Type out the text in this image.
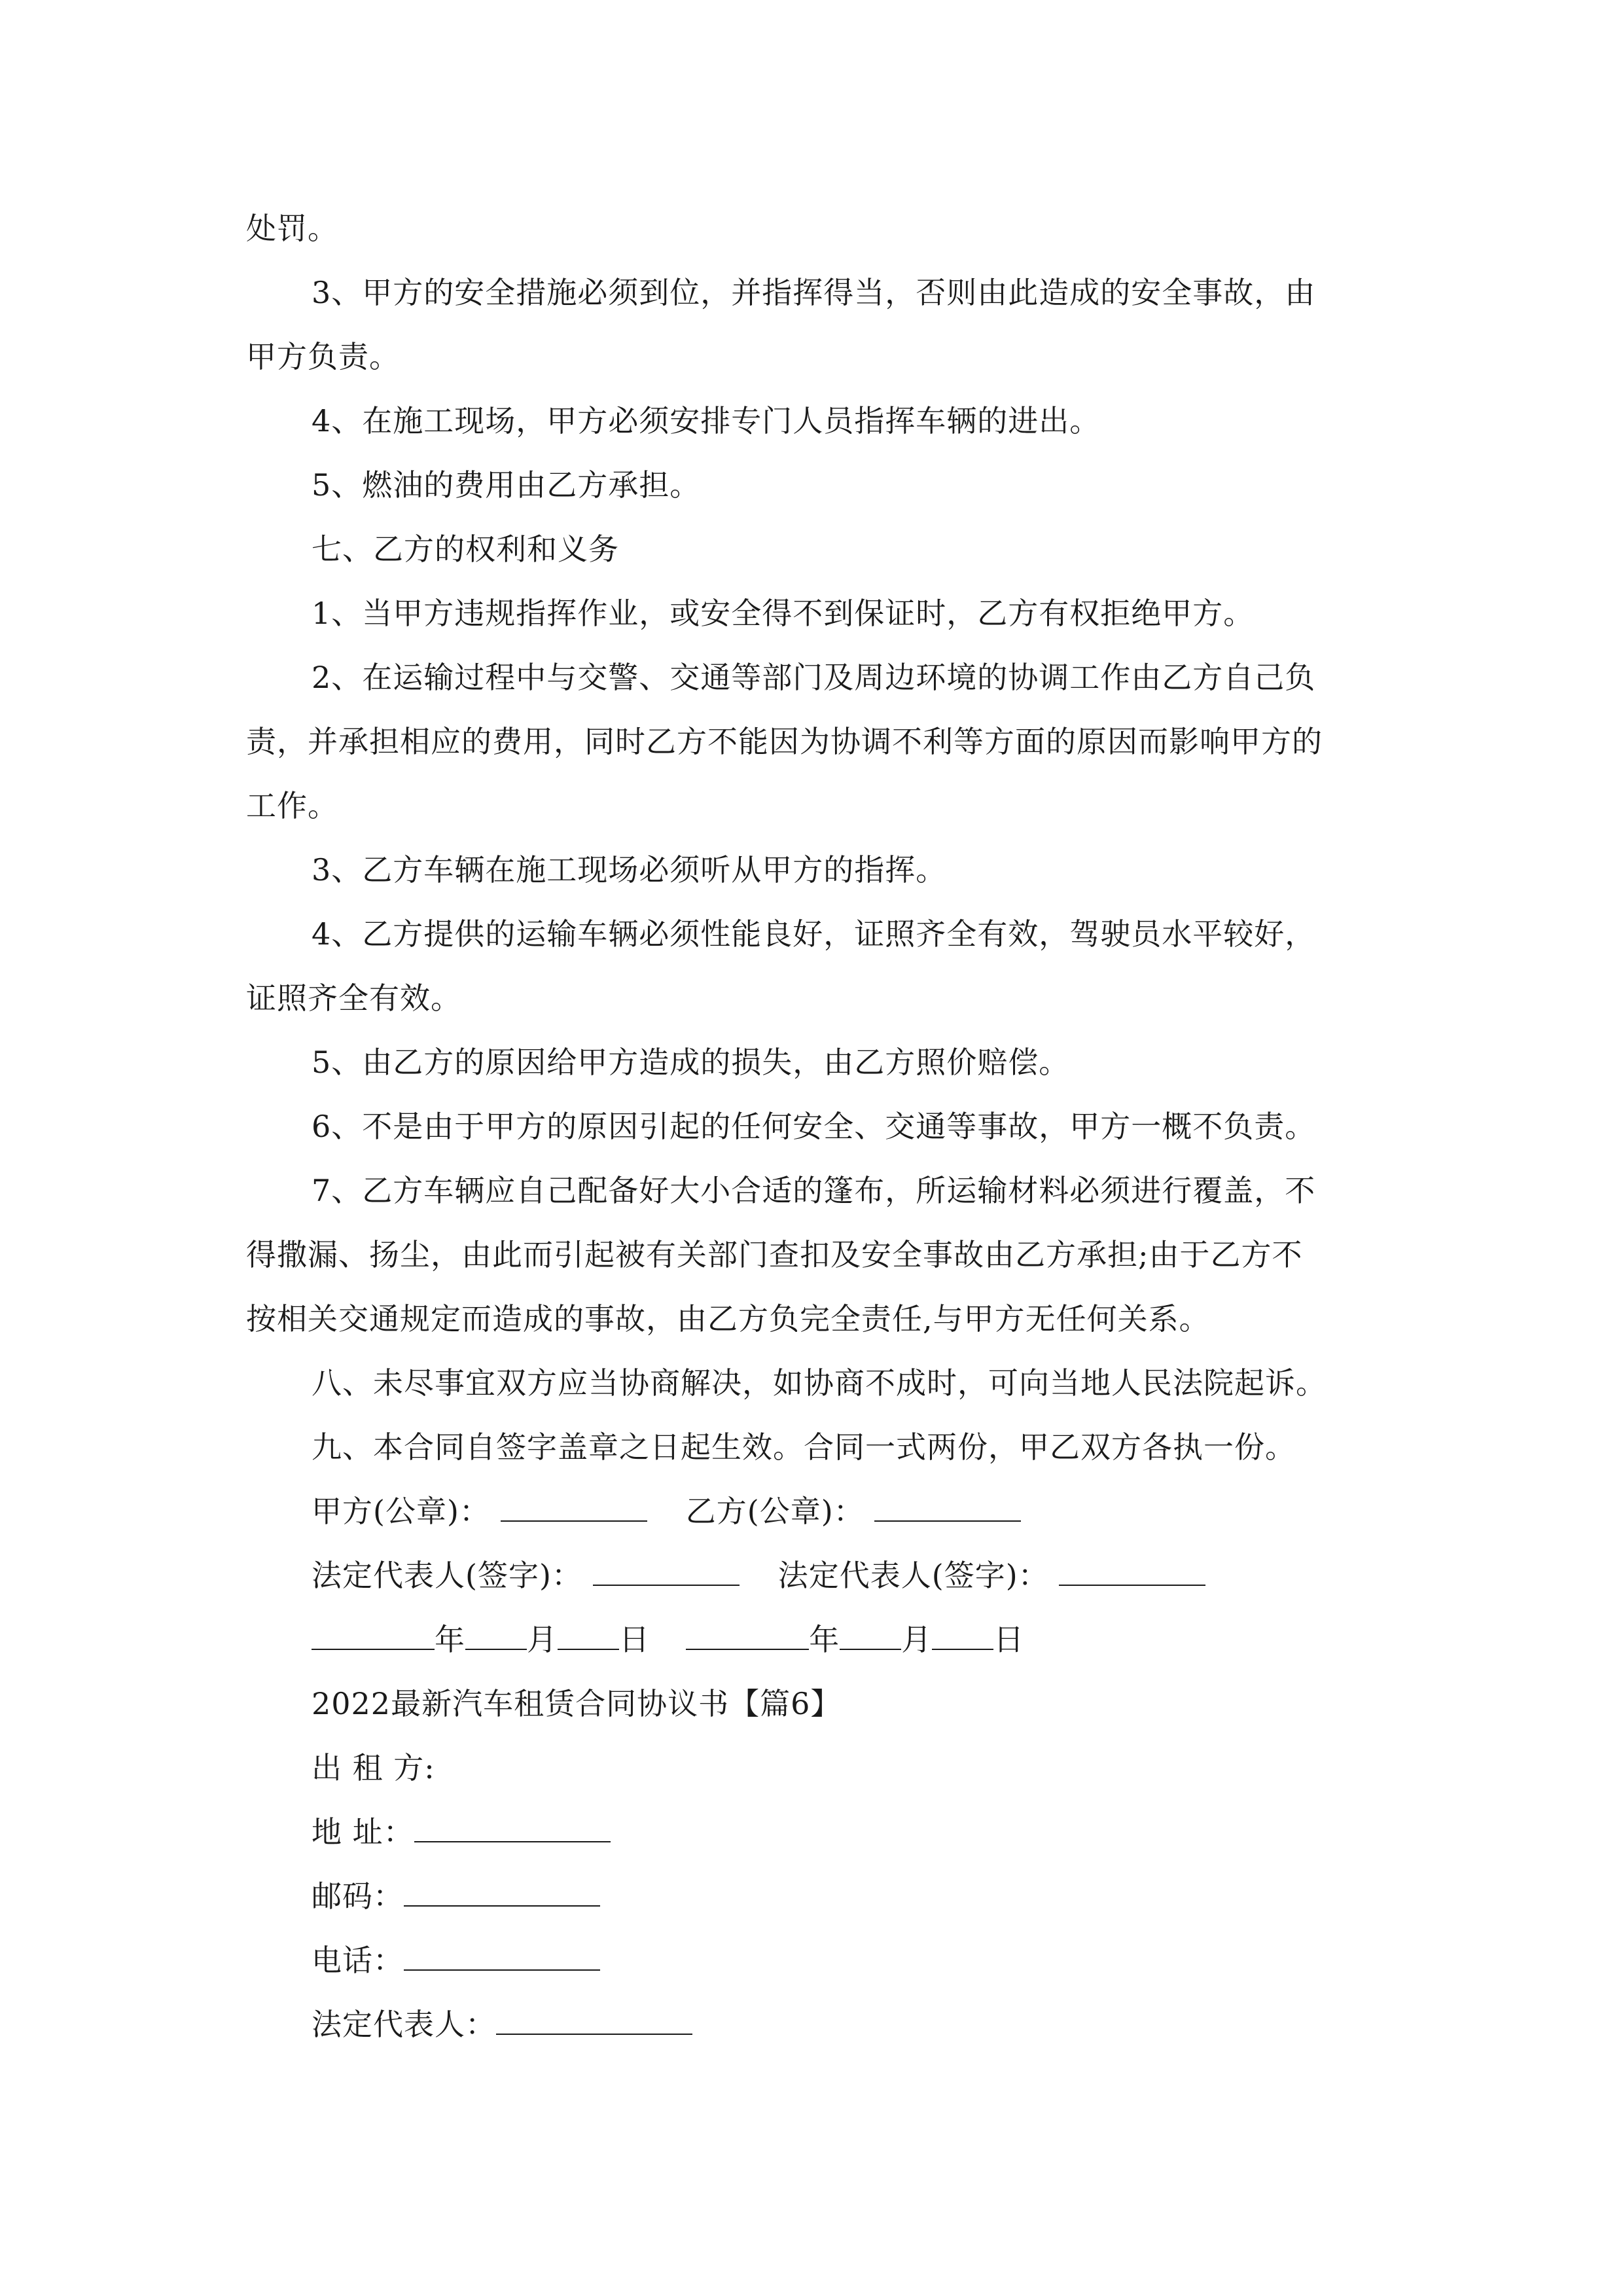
处罚。
3、甲方的安全措施必须到位，并指挥得当，否则由此造成的安全事故，由
甲方负责。
4、在施工现场，甲方必须安排专门人员指挥车辆的进出。
5、燃油的费用由乙方承担。
七、乙方的权利和义务
1、当甲方违规指挥作业，或安全得不到保证时，乙方有权拒绝甲方。
2、在运输过程中与交警、交通等部门及周边环境的协调工作由乙方自己负
责，并承担相应的费用，同时乙方不能因为协调不利等方面的原因而影响甲方的
工作。
3、乙方车辆在施工现场必须听从甲方的指挥。
4、乙方提供的运输车辆必须性能良好，证照齐全有效，驾驶员水平较好，
证照齐全有效。
5、由乙方的原因给甲方造成的损失，由乙方照价赔偿。
6、不是由于甲方的原因引起的任何安全、交通等事故，甲方一概不负责。
7、乙方车辆应自己配备好大小合适的篷布，所运输材料必须进行覆盖，不
得撒漏、扬尘，由此而引起被有关部门查扣及安全事故由乙方承担;由于乙方不
按相关交通规定而造成的事故，由乙方负完全责任,与甲方无任何关系。
八、未尽事宜双方应当协商解决，如协商不成时，可向当地人民法院起诉。
九、本合同自签字盖章之日起生效。合同一式两份，甲乙双方各执一份。
甲方(公章)：	乙方(公章)：
法定代表人(签字)：	法定代表人(签字)：
年 月 日	年 月 日
2022最新汽车租赁合同协议书【篇6】
出 租 方:
地 址：
邮码：
电话：
法定代表人：
